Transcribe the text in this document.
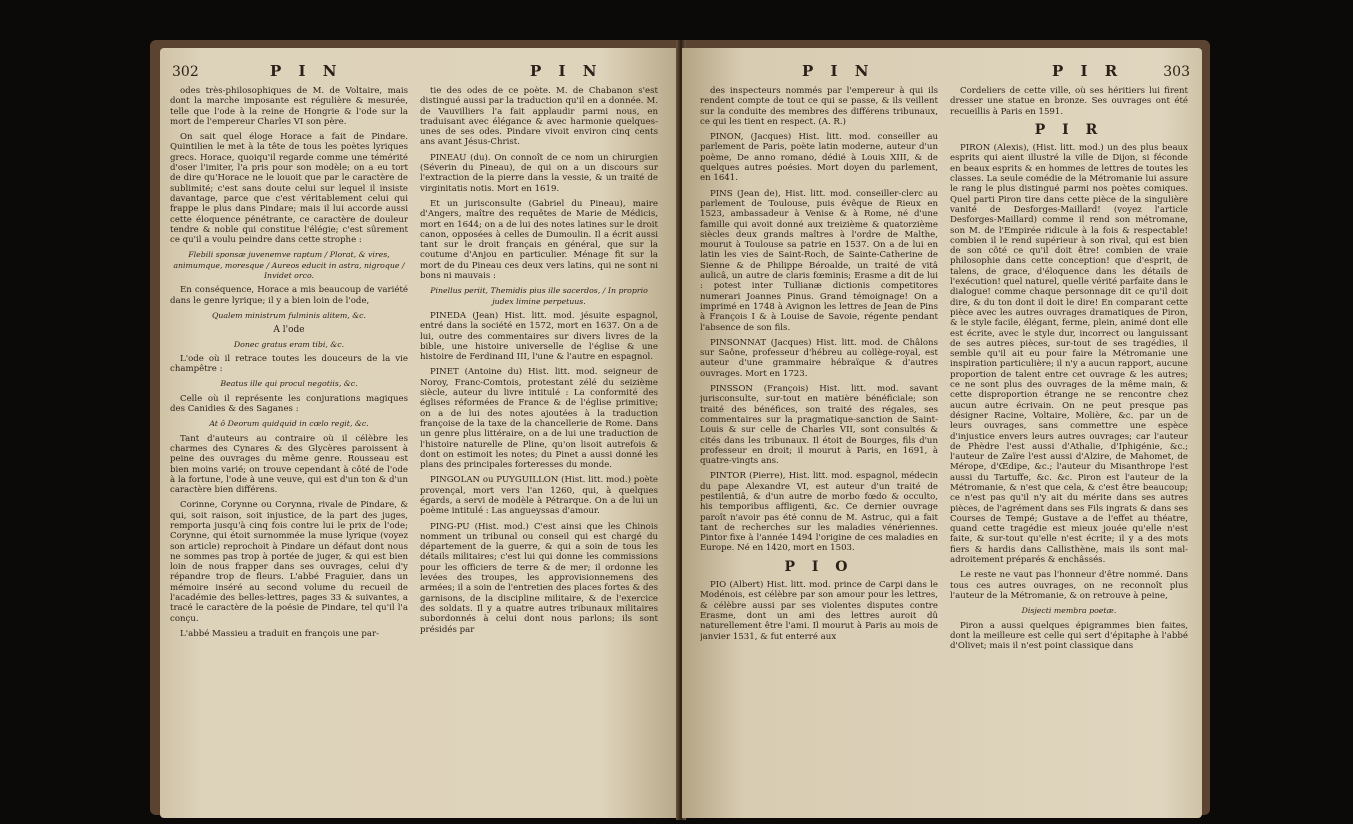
302	P I N	P I N

odes très-philosophiques de M. de Voltaire, mais dont la marche imposante est régulière & mesurée, telle que l'ode à la reine de Hongrie & l'ode sur la mort de l'empereur Charles VI son père.

On sait quel éloge Horace a fait de Pindare. Quintilien le met à la tête de tous les poètes lyriques grecs. Horace, quoiqu'il regarde comme une témérité d'oser l'imiter, l'a pris pour son modèle; on a eu tort de dire qu'Horace ne le louoit que par le caractère de sublimité; c'est sans doute celui sur lequel il insiste davantage, parce que c'est véritablement celui qui frappe le plus dans Pindare; mais il lui accorde aussi cette éloquence pénétrante, ce caractère de douleur tendre & noble qui constitue l'élégie; c'est sûrement ce qu'il a voulu peindre dans cette strophe :

Flebili sponsæ juvenemve raptum / Plorat, & vires, animumque, moresque / Aureos educit in astra, nigroque / Invidet orco.

En conséquence, Horace a mis beaucoup de variété dans le genre lyrique; il y a bien loin de l'ode,

Qualem ministrum fulminis alitem, &c.

A l'ode

Donec gratus eram tibi, &c.

L'ode où il retrace toutes les douceurs de la vie champêtre :

Beatus ille qui procul negotiis, &c.

Celle où il représente les conjurations magiques des Canidies & des Saganes :

At ô Deorum quidquid in cœlo regit, &c.

Tant d'auteurs au contraire où il célèbre les charmes des Cynares & des Glycères paroissent à peine des ouvrages du même genre. Rousseau est bien moins varié; on trouve cependant à côté de l'ode à la fortune, l'ode à une veuve, qui est d'un ton & d'un caractère bien différens.

Corinne, Corynne ou Corynna, rivale de Pindare, & qui, soit raison, soit injustice, de la part des juges, remporta jusqu'à cinq fois contre lui le prix de l'ode; Corynne, qui étoit surnommée la muse lyrique (voyez son article) reprochoit à Pindare un défaut dont nous ne sommes pas trop à portée de juger, & qui est bien loin de nous frapper dans ses ouvrages, celui d'y répandre trop de fleurs. L'abbé Fraguier, dans un mémoire inséré au second volume du recueil de l'académie des belles-lettres, pages 33 & suivantes, a tracé le caractère de la poésie de Pindare, tel qu'il l'a conçu.

L'abbé Massieu a traduit en françois une par-

tie des odes de ce poète. M. de Chabanon s'est distingué aussi par la traduction qu'il en a donnée. M. de Vauvilliers l'a fait applaudir parmi nous, en traduisant avec élégance & avec harmonie quelques-unes de ses odes. Pindare vivoit environ cinq cents ans avant Jésus-Christ.

PINEAU (du). On connoît de ce nom un chirurgien (Séverin du Pineau), de qui on a un discours sur l'extraction de la pierre dans la vessie, & un traité de virginitatis notis. Mort en 1619.

Et un jurisconsulte (Gabriel du Pineau), maire d'Angers, maître des requêtes de Marie de Médicis, mort en 1644; on a de lui des notes latines sur le droit canon, opposées à celles de Dumoulin. Il a écrit aussi tant sur le droit français en général, que sur la coutume d'Anjou en particulier. Ménage fit sur la mort de du Pineau ces deux vers latins, qui ne sont ni bons ni mauvais :

Pinellus periit, Themidis pius ille sacerdos, / In proprio judex limine perpetuus.

PINEDA (Jean) Hist. litt. mod. jésuite espagnol, entré dans la société en 1572, mort en 1637. On a de lui, outre des commentaires sur divers livres de la bible, une histoire universelle de l'église & une histoire de Ferdinand III, l'une & l'autre en espagnol.

PINET (Antoine du) Hist. litt. mod. seigneur de Noroy, Franc-Comtois, protestant zélé du seizième siècle, auteur du livre intitulé : La conformité des églises réformées de France & de l'église primitive; on a de lui des notes ajoutées à la traduction françoise de la taxe de la chancellerie de Rome. Dans un genre plus littéraire, on a de lui une traduction de l'histoire naturelle de Pline, qu'on lisoit autrefois & dont on estimoit les notes; du Pinet a aussi donné les plans des principales forteresses du monde.

PINGOLAN ou PUYGUILLON (Hist. litt. mod.) poète provençal, mort vers l'an 1260, qui, à quelques égards, a servi de modèle à Pétrarque. On a de lui un poème intitulé : Las angueyssas d'amour.

PING-PU (Hist. mod.) C'est ainsi que les Chinois nomment un tribunal ou conseil qui est chargé du département de la guerre, & qui a soin de tous les détails militaires; c'est lui qui donne les commissions pour les officiers de terre & de mer; il ordonne les levées des troupes, les approvisionnemens des armées; il a soin de l'entretien des places fortes & des garnisons, de la discipline militaire, & de l'exercice des soldats. Il y a quatre autres tribunaux militaires subordonnés à celui dont nous parlons; ils sont présidés par

P I N	P I R	303

des inspecteurs nommés par l'empereur à qui ils rendent compte de tout ce qui se passe, & ils veillent sur la conduite des membres des différens tribunaux, ce qui les tient en respect. (A. R.)

PINON, (Jacques) Hist. litt. mod. conseiller au parlement de Paris, poète latin moderne, auteur d'un poème, De anno romano, dédié à Louis XIII, & de quelques autres poésies. Mort doyen du parlement, en 1641.

PINS (Jean de), Hist. litt. mod. conseiller-clerc au parlement de Toulouse, puis évêque de Rieux en 1523, ambassadeur à Venise & à Rome, né d'une famille qui avoit donné aux treizième & quatorzième siècles deux grands maîtres à l'ordre de Malthe, mourut à Toulouse sa patrie en 1537. On a de lui en latin les vies de Saint-Roch, de Sainte-Catherine de Sienne & de Philippe Béroalde, un traité de vitâ aulicâ, un autre de claris fœminis; Erasme a dit de lui : potest inter Tullianæ dictionis competitores numerari Joannes Pinus. Grand témoignage! On a imprimé en 1748 à Avignon les lettres de Jean de Pins à François I & à Louise de Savoie, régente pendant l'absence de son fils.

PINSONNAT (Jacques) Hist. litt. mod. de Châlons sur Saône, professeur d'hébreu au collège-royal, est auteur d'une grammaire hébraïque & d'autres ouvrages. Mort en 1723.

PINSSON (François) Hist. litt. mod. savant jurisconsulte, sur-tout en matière bénéficiale; son traité des bénéfices, son traité des régales, ses commentaires sur la pragmatique-sanction de Saint-Louis & sur celle de Charles VII, sont consultés & cités dans les tribunaux. Il étoit de Bourges, fils d'un professeur en droit; il mourut à Paris, en 1691, à quatre-vingts ans.

PINTOR (Pierre), Hist. litt. mod. espagnol, médecin du pape Alexandre VI, est auteur d'un traité de pestilentiâ, & d'un autre de morbo fœdo & occulto, his temporibus affligenti, &c. Ce dernier ouvrage paroît n'avoir pas été connu de M. Astruc, qui a fait tant de recherches sur les maladies vénériennes. Pintor fixe à l'année 1494 l'origine de ces maladies en Europe. Né en 1420, mort en 1503.

P I O

PIO (Albert) Hist. litt. mod. prince de Carpi dans le Modénois, est célèbre par son amour pour les lettres, & célèbre aussi par ses violentes disputes contre Erasme, dont un ami des lettres auroit dû naturellement être l'ami. Il mourut à Paris au mois de janvier 1531, & fut enterré aux

Cordeliers de cette ville, où ses héritiers lui firent dresser une statue en bronze. Ses ouvrages ont été recueillis à Paris en 1591.

P I R

PIRON (Alexis), (Hist. litt. mod.) un des plus beaux esprits qui aient illustré la ville de Dijon, si féconde en beaux esprits & en hommes de lettres de toutes les classes. La seule comédie de la Métromanie lui assure le rang le plus distingué parmi nos poètes comiques. Quel parti Piron tire dans cette pièce de la singulière vanité de Desforges-Maillard! (voyez l'article Desforges-Maillard) comme il rend son métromane, son M. de l'Empirée ridicule à la fois & respectable! combien il le rend supérieur à son rival, qui est bien de son côté ce qu'il doit être! combien de vraie philosophie dans cette conception! que d'esprit, de talens, de grace, d'éloquence dans les détails de l'exécution! quel naturel, quelle vérité parfaite dans le dialogue! comme chaque personnage dit ce qu'il doit dire, & du ton dont il doit le dire! En comparant cette pièce avec les autres ouvrages dramatiques de Piron, & le style facile, élégant, ferme, plein, animé dont elle est écrite, avec le style dur, incorrect ou languissant de ses autres pièces, sur-tout de ses tragédies, il semble qu'il ait eu pour faire la Métromanie une inspiration particulière; il n'y a aucun rapport, aucune proportion de talent entre cet ouvrage & les autres; ce ne sont plus des ouvrages de la même main, & cette disproportion étrange ne se rencontre chez aucun autre écrivain. On ne peut presque pas désigner Racine, Voltaire, Molière, &c. par un de leurs ouvrages, sans commettre une espèce d'injustice envers leurs autres ouvrages; car l'auteur de Phèdre l'est aussi d'Athalie, d'Iphigénie, &c.; l'auteur de Zaïre l'est aussi d'Alzire, de Mahomet, de Mérope, d'Œdipe, &c.; l'auteur du Misanthrope l'est aussi du Tartuffe, &c. &c. Piron est l'auteur de la Métromanie, & n'est que cela, & c'est être beaucoup; ce n'est pas qu'il n'y ait du mérite dans ses autres pièces, de l'agrément dans ses Fils ingrats & dans ses Courses de Tempé; Gustave a de l'effet au théatre, quand cette tragédie est mieux jouée qu'elle n'est faite, & sur-tout qu'elle n'est écrite; il y a des mots fiers & hardis dans Callisthène, mais ils sont mal-adroitement préparés & enchâssés.

Le reste ne vaut pas l'honneur d'être nommé. Dans tous ces autres ouvrages, on ne reconnoît plus l'auteur de la Métromanie, & on retrouve à peine,

Disjecti membra poetæ.

Piron a aussi quelques épigrammes bien faites, dont la meilleure est celle qui sert d'épitaphe à l'abbé d'Olivet; mais il n'est point classique dans
